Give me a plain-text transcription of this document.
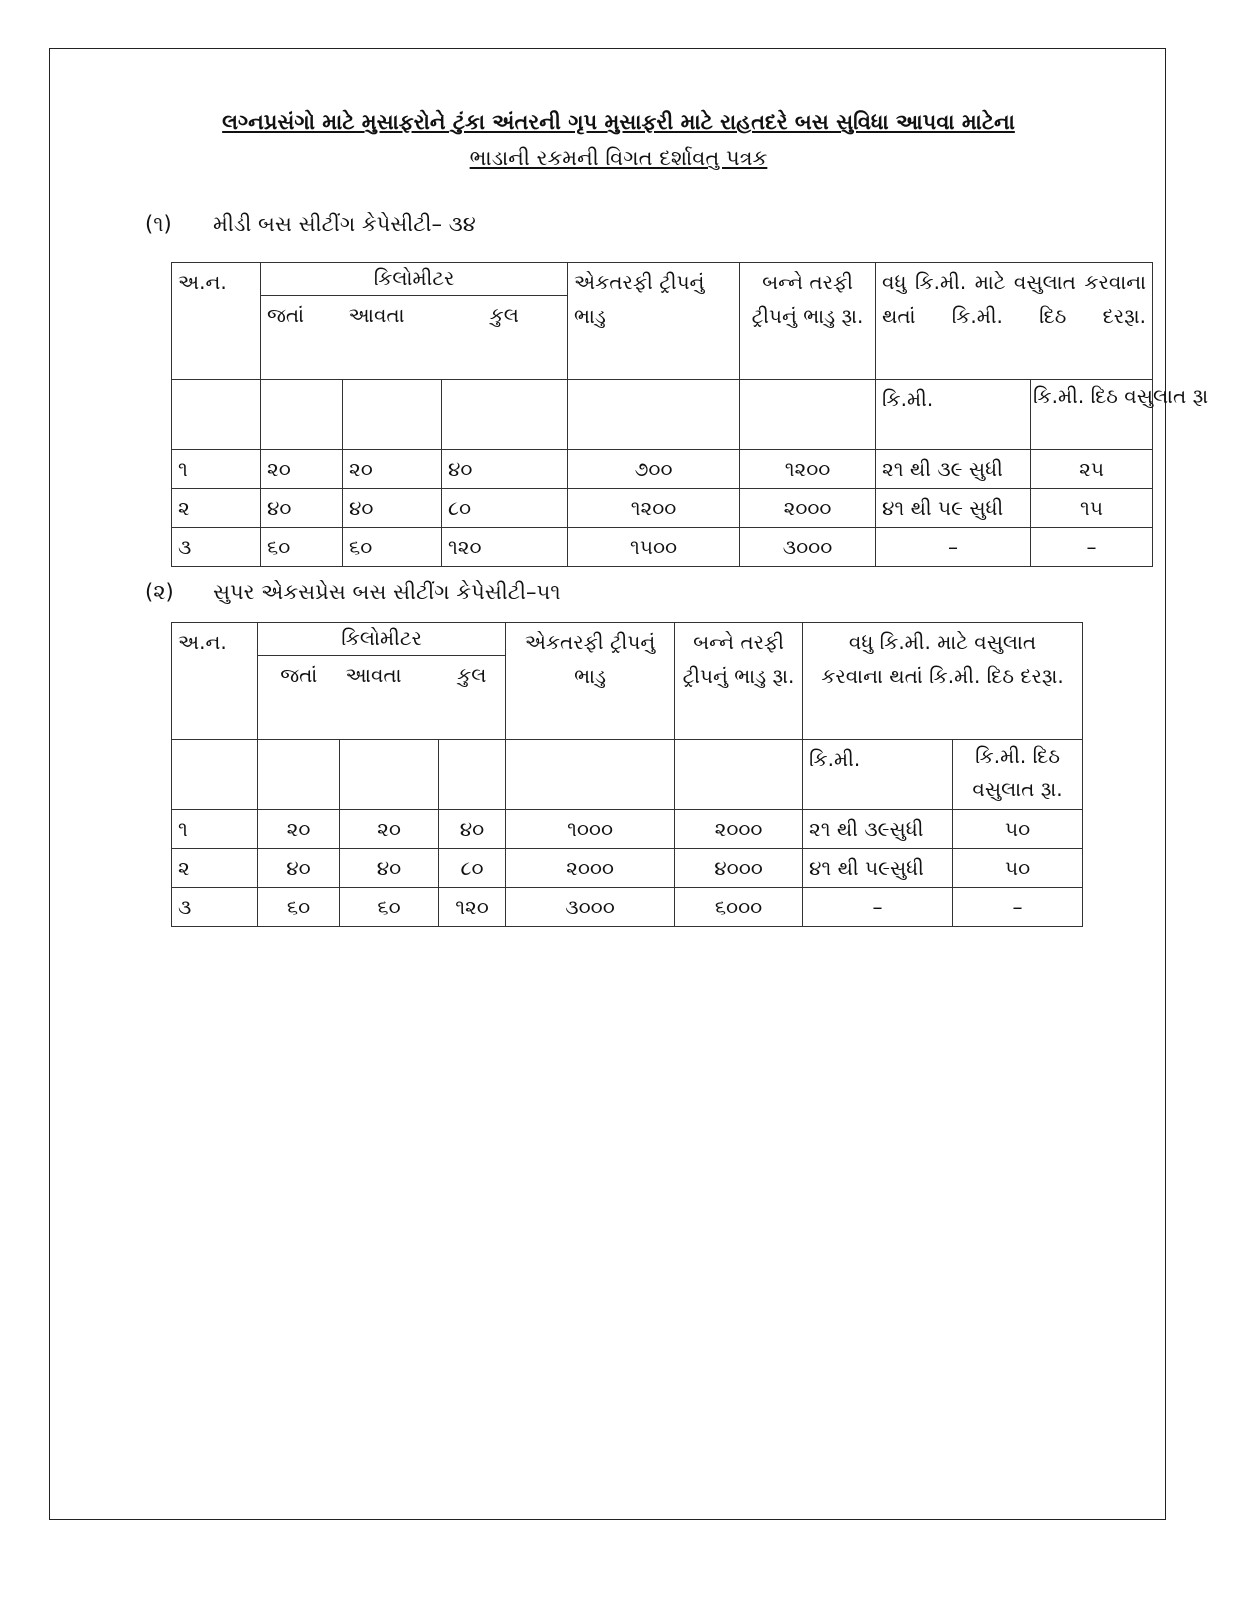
લગ્નપ્રસંગો માટે મુસાફરોને ટુંકા અંતરની ગૃપ મુસાફરી માટે રાહતદરે બસ સુવિધા આપવા માટેના
ભાડાની રકમની વિગત દર્શાવતુ પત્રક
(૧) મીડી બસ સીટીંગ કેપેસીટી– ૩૪
અ.ન.	કિલોમીટર			એકતરફી ટ્રીપનું ભાડુ	બન્ને તરફી ટ્રીપનું ભાડુ રૂા.	વધુ કિ.મી. માટે વસુલાત કરવાના થતાં કિ.મી. દિઠ દરરૂા.	
	જતાં	આવતા	કુલ				
						કિ.મી.	કિ.મી. દિઠ વસુલાત રૂા
૧	૨૦	૨૦	૪૦	૭૦૦	૧૨૦૦	૨૧ થી ૩૯ સુધી	૨૫
૨	૪૦	૪૦	૮૦	૧૨૦૦	૨૦૦૦	૪૧ થી ૫૯ સુધી	૧૫
૩	૬૦	૬૦	૧૨૦	૧૫૦૦	૩૦૦૦	–	–
(૨) સુપર એકસપ્રેસ બસ સીટીંગ કેપેસીટી–૫૧
અ.ન.	કિલોમીટર			એકતરફી ટ્રીપનું ભાડુ	બન્ને તરફી ટ્રીપનું ભાડુ રૂા.	વધુ કિ.મી. માટે વસુલાત કરવાના થતાં કિ.મી. દિઠ દરરૂા.	
	જતાં	આવતા	કુલ				
						કિ.મી.	કિ.મી. દિઠ વસુલાત રૂા.
૧	૨૦	૨૦	૪૦	૧૦૦૦	૨૦૦૦	૨૧ થી ૩૯સુધી	૫૦
૨	૪૦	૪૦	૮૦	૨૦૦૦	૪૦૦૦	૪૧ થી ૫૯સુધી	૫૦
૩	૬૦	૬૦	૧૨૦	૩૦૦૦	૬૦૦૦	–	–
